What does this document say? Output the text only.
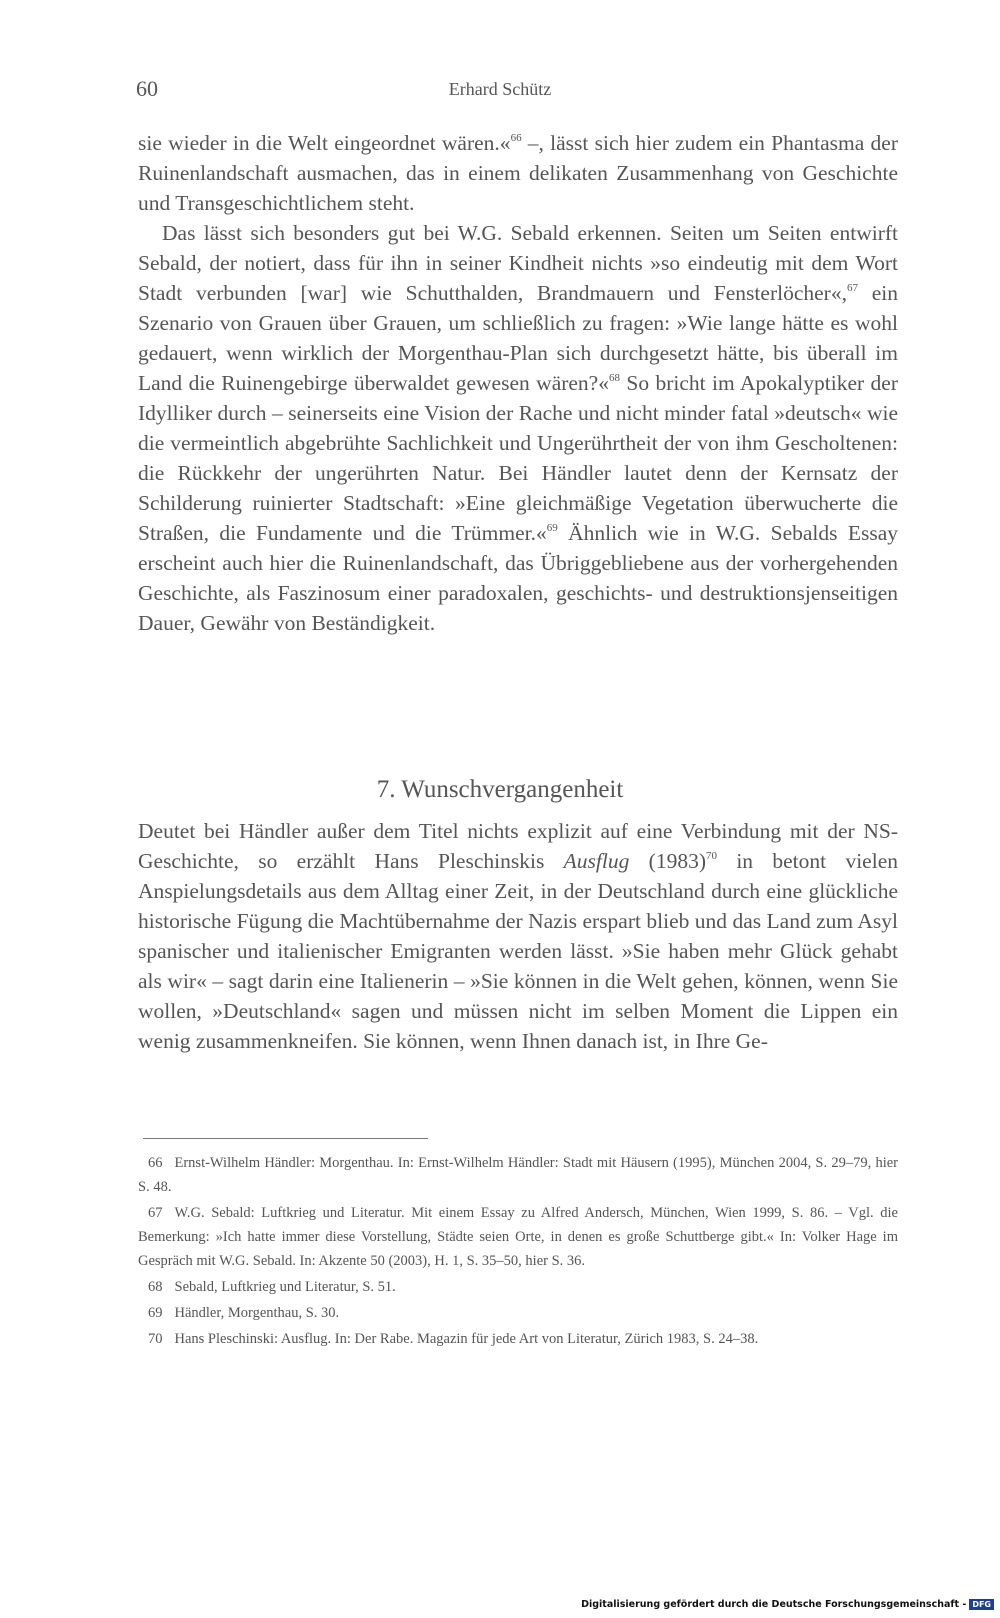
60	Erhard Schütz

sie wieder in die Welt eingeordnet wären.«$^{66}$ –, lässt sich hier zudem ein Phantasma der Ruinenlandschaft ausmachen, das in einem delikaten Zusammenhang von Geschichte und Transgeschichtlichem steht.

Das lässt sich besonders gut bei W.G. Sebald erkennen. Seiten um Seiten entwirft Sebald, der notiert, dass für ihn in seiner Kindheit nichts »so eindeutig mit dem Wort Stadt verbunden [war] wie Schutthalden, Brandmauern und Fensterlöcher«,$^{67}$ ein Szenario von Grauen über Grauen, um schließlich zu fragen: »Wie lange hätte es wohl gedauert, wenn wirklich der Morgenthau-Plan sich durchgesetzt hätte, bis überall im Land die Ruinengebirge überwaldet gewesen wären?«$^{68}$ So bricht im Apokalyptiker der Idylliker durch – seinerseits eine Vision der Rache und nicht minder fatal »deutsch« wie die vermeintlich abgebrühte Sachlichkeit und Ungerührtheit der von ihm Gescholtenen: die Rückkehr der ungerührten Natur. Bei Händler lautet denn der Kernsatz der Schilderung ruinierter Stadtschaft: »Eine gleichmäßige Vegetation überwucherte die Straßen, die Fundamente und die Trümmer.«$^{69}$ Ähnlich wie in W.G. Sebalds Essay erscheint auch hier die Ruinenlandschaft, das Übriggebliebene aus der vorhergehenden Geschichte, als Faszinosum einer paradoxalen, geschichts- und destruktionsjenseitigen Dauer, Gewähr von Beständigkeit.

7. Wunschvergangenheit

Deutet bei Händler außer dem Titel nichts explizit auf eine Verbindung mit der NS-Geschichte, so erzählt Hans Pleschinskis Ausflug (1983)$^{70}$ in betont vielen Anspielungsdetails aus dem Alltag einer Zeit, in der Deutschland durch eine glückliche historische Fügung die Machtübernahme der Nazis erspart blieb und das Land zum Asyl spanischer und italienischer Emigranten werden lässt. »Sie haben mehr Glück gehabt als wir« – sagt darin eine Italienerin – »Sie können in die Welt gehen, können, wenn Sie wollen, »Deutschland« sagen und müssen nicht im selben Moment die Lippen ein wenig zusammenkneifen. Sie können, wenn Ihnen danach ist, in Ihre Ge-

66 Ernst-Wilhelm Händler: Morgenthau. In: Ernst-Wilhelm Händler: Stadt mit Häusern (1995), München 2004, S. 29–79, hier S. 48.

67 W.G. Sebald: Luftkrieg und Literatur. Mit einem Essay zu Alfred Andersch, München, Wien 1999, S. 86. – Vgl. die Bemerkung: »Ich hatte immer diese Vorstellung, Städte seien Orte, in denen es große Schuttberge gibt.« In: Volker Hage im Gespräch mit W.G. Sebald. In: Akzente 50 (2003), H. 1, S. 35–50, hier S. 36.

68 Sebald, Luftkrieg und Literatur, S. 51.

69 Händler, Morgenthau, S. 30.

70 Hans Pleschinski: Ausflug. In: Der Rabe. Magazin für jede Art von Literatur, Zürich 1983, S. 24–38.

Digitalisierung gefördert durch die Deutsche Forschungsgemeinschaft - DFG
